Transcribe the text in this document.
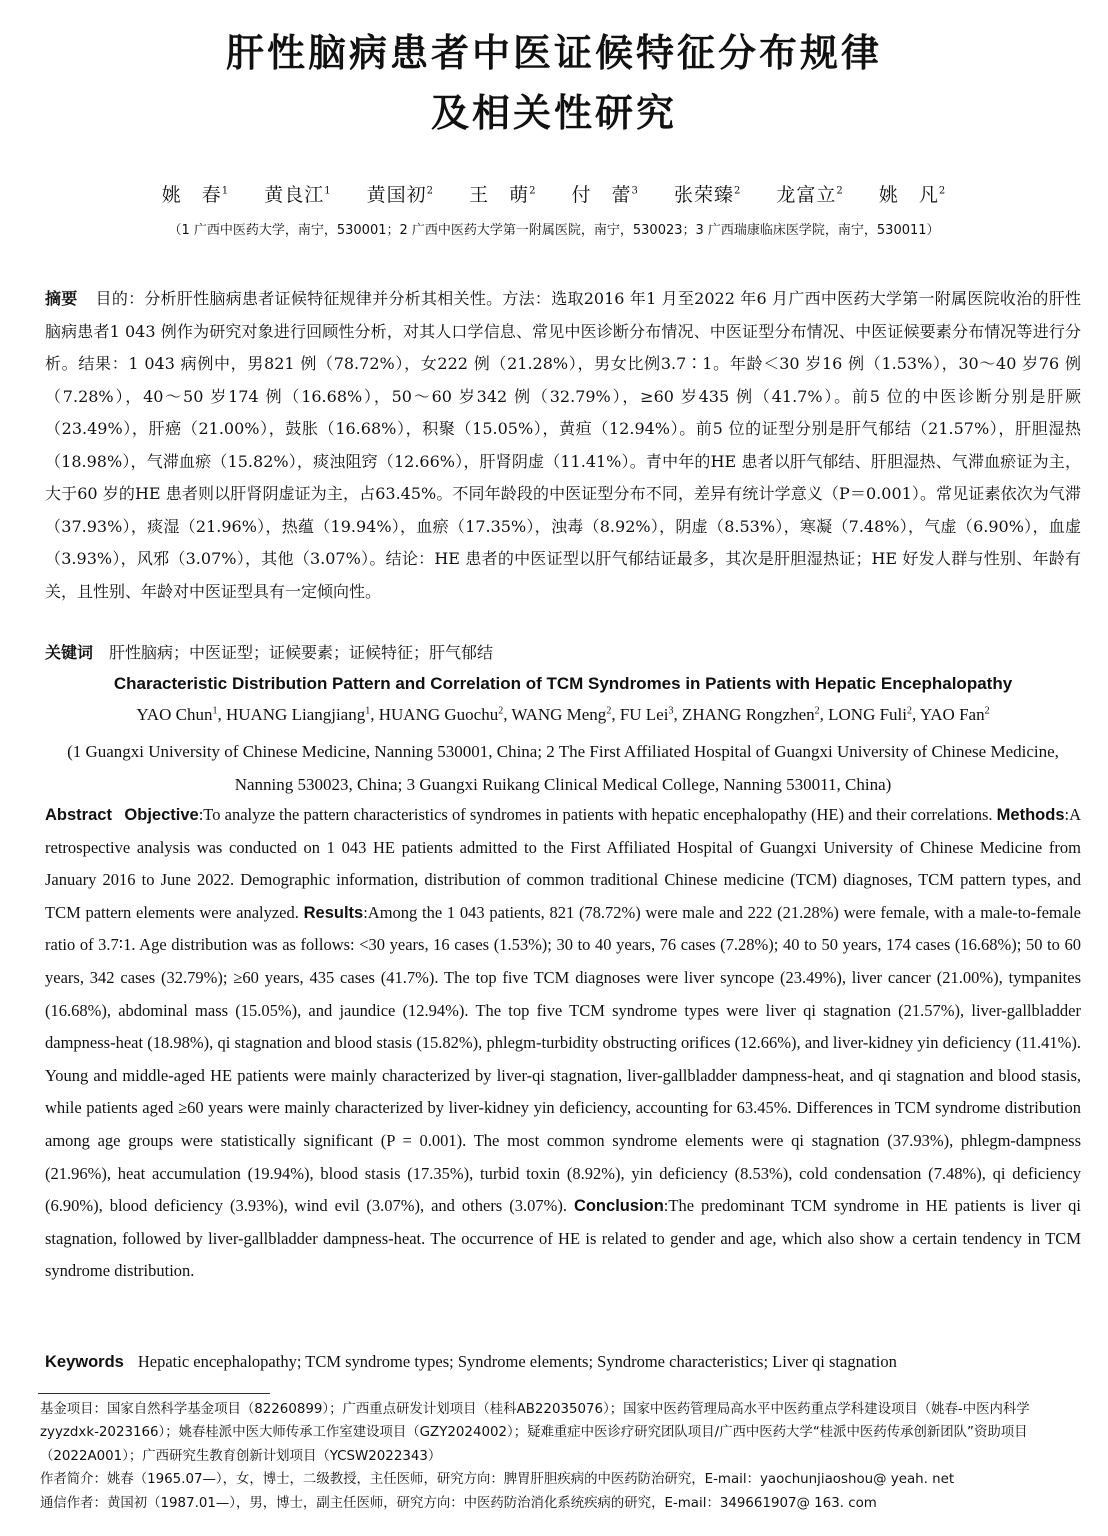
肝性脑病患者中医证候特征分布规律
及相关性研究
姚　春$^1$ 黄良江$^1$ 黄国初$^2$ 王　萌$^2$ 付　蕾$^3$ 张荣臻$^2$ 龙富立$^2$ 姚　凡$^2$
（1 广西中医药大学，南宁，530001；2 广西中医药大学第一附属医院，南宁，530023；3 广西瑞康临床医学院，南宁，530011）

摘要 目的：分析肝性脑病患者证候特征规律并分析其相关性。方法：选取2016 年1 月至2022 年6 月广西中医药大学第一附属医院收治的肝性脑病患者1 043 例作为研究对象进行回顾性分析，对其人口学信息、常见中医诊断分布情况、中医证型分布情况、中医证候要素分布情况等进行分析。结果：1 043 病例中，男821 例（78.72%），女222 例（21.28%），男女比例3.7∶1。年龄＜30 岁16 例（1.53%），30～40 岁76 例（7.28%），40～50 岁174 例（16.68%），50～60 岁342 例（32.79%），≥60 岁435 例（41.7%）。前5 位的中医诊断分别是肝厥（23.49%），肝癌（21.00%），鼓胀（16.68%），积聚（15.05%），黄疸（12.94%）。前5 位的证型分别是肝气郁结（21.57%），肝胆湿热（18.98%），气滞血瘀（15.82%），痰浊阻窍（12.66%），肝肾阴虚（11.41%）。青中年的HE 患者以肝气郁结、肝胆湿热、气滞血瘀证为主，大于60 岁的HE 患者则以肝肾阴虚证为主，占63.45%。不同年龄段的中医证型分布不同，差异有统计学意义（P＝0.001）。常见证素依次为气滞（37.93%），痰湿（21.96%），热蕴（19.94%），血瘀（17.35%），浊毒（8.92%），阴虚（8.53%），寒凝（7.48%），气虚（6.90%），血虚（3.93%），风邪（3.07%），其他（3.07%）。结论：HE 患者的中医证型以肝气郁结证最多，其次是肝胆湿热证；HE 好发人群与性别、年龄有关，且性别、年龄对中医证型具有一定倾向性。

关键词 肝性脑病；中医证型；证候要素；证候特征；肝气郁结

Characteristic Distribution Pattern and Correlation of TCM Syndromes in Patients with Hepatic Encephalopathy

YAO Chun$^1$, HUANG Liangjiang$^1$, HUANG Guochu$^2$, WANG Meng$^2$, FU Lei$^3$, ZHANG Rongzhen$^2$, LONG Fuli$^2$, YAO Fan$^2$

(1 Guangxi University of Chinese Medicine, Nanning 530001, China; 2 The First Affiliated Hospital of Guangxi University of Chinese Medicine, Nanning 530023, China; 3 Guangxi Ruikang Clinical Medical College, Nanning 530011, China)

Abstract Objective:To analyze the pattern characteristics of syndromes in patients with hepatic encephalopathy (HE) and their correlations. Methods:A retrospective analysis was conducted on 1 043 HE patients admitted to the First Affiliated Hospital of Guangxi University of Chinese Medicine from January 2016 to June 2022. Demographic information, distribution of common traditional Chinese medicine (TCM) diagnoses, TCM pattern types, and TCM pattern elements were analyzed. Results:Among the 1 043 patients, 821 (78.72%) were male and 222 (21.28%) were female, with a male-to-female ratio of 3.7∶1. Age distribution was as follows: <30 years, 16 cases (1.53%); 30 to 40 years, 76 cases (7.28%); 40 to 50 years, 174 cases (16.68%); 50 to 60 years, 342 cases (32.79%); ≥60 years, 435 cases (41.7%). The top five TCM diagnoses were liver syncope (23.49%), liver cancer (21.00%), tympanites (16.68%), abdominal mass (15.05%), and jaundice (12.94%). The top five TCM syndrome types were liver qi stagnation (21.57%), liver-gallbladder dampness-heat (18.98%), qi stagnation and blood stasis (15.82%), phlegm-turbidity obstructing orifices (12.66%), and liver-kidney yin deficiency (11.41%). Young and middle-aged HE patients were mainly characterized by liver-qi stagnation, liver-gallbladder dampness-heat, and qi stagnation and blood stasis, while patients aged ≥60 years were mainly characterized by liver-kidney yin deficiency, accounting for 63.45%. Differences in TCM syndrome distribution among age groups were statistically significant (P = 0.001). The most common syndrome elements were qi stagnation (37.93%), phlegm-dampness (21.96%), heat accumulation (19.94%), blood stasis (17.35%), turbid toxin (8.92%), yin deficiency (8.53%), cold condensation (7.48%), qi deficiency (6.90%), blood deficiency (3.93%), wind evil (3.07%), and others (3.07%). Conclusion:The predominant TCM syndrome in HE patients is liver qi stagnation, followed by liver-gallbladder dampness-heat. The occurrence of HE is related to gender and age, which also show a certain tendency in TCM syndrome distribution.

Keywords Hepatic encephalopathy; TCM syndrome types; Syndrome elements; Syndrome characteristics; Liver qi stagnation

基金项目：国家自然科学基金项目（82260899）；广西重点研发计划项目（桂科AB22035076）；国家中医药管理局高水平中医药重点学科建设项目（姚春-中医内科学 zyyzdxk-2023166）；姚春桂派中医大师传承工作室建设项目（GZY2024002）；疑难重症中医诊疗研究团队项目/广西中医药大学“桂派中医药传承创新团队”资助项目（2022A001）；广西研究生教育创新计划项目（YCSW2022343）

作者简介：姚春（1965.07—），女，博士，二级教授，主任医师，研究方向：脾胃肝胆疾病的中医药防治研究，E-mail：yaochunjiaoshou@ yeah. net

通信作者：黄国初（1987.01—），男，博士，副主任医师，研究方向：中医药防治消化系统疾病的研究，E-mail：349661907@ 163. com
